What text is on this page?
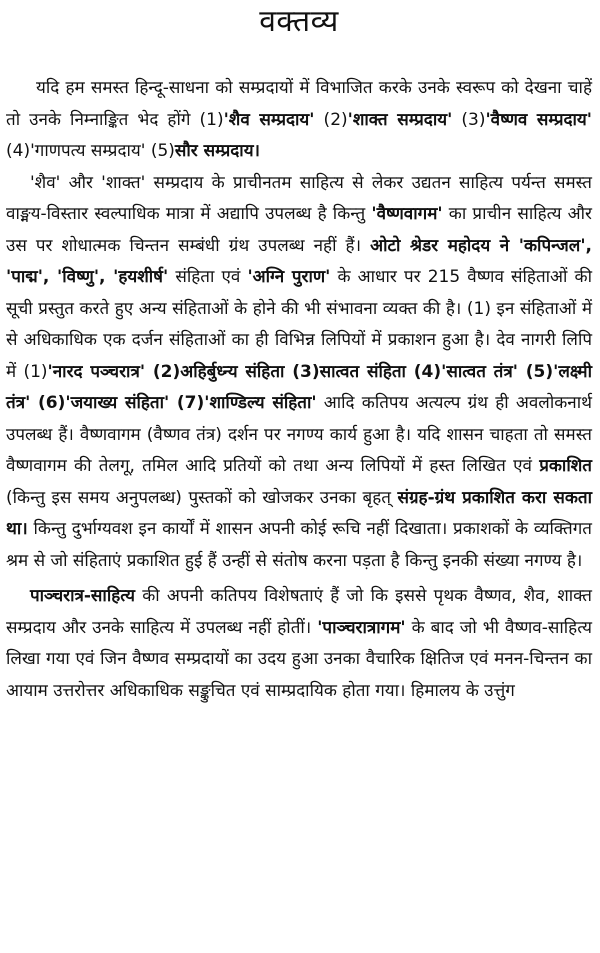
वक्तव्य

यदि हम समस्त हिन्दू-साधना को सम्प्रदायों में विभाजित करके उनके स्वरूप को देखना चाहें तो उनके निम्नाङ्कित भेद होंगे (1)'शैव सम्प्रदाय' (2)'शाक्त सम्प्रदाय' (3)'वैष्णव सम्प्रदाय' (4)'गाणपत्य सम्प्रदाय' (5)सौर सम्प्रदाय।

'शैव' और 'शाक्त' सम्प्रदाय के प्राचीनतम साहित्य से लेकर उद्यतन साहित्य पर्यन्त समस्त वाङ्मय-विस्तार स्वल्पाधिक मात्रा में अद्यापि उपलब्ध है किन्तु 'वैष्णवागम' का प्राचीन साहित्य और उस पर शोधात्मक चिन्तन सम्बंधी ग्रंथ उपलब्ध नहीं हैं। ओटो श्रेडर महोदय ने 'कपिन्जल', 'पाद्म', 'विष्णु', 'हयशीर्ष' संहिता एवं 'अग्नि पुराण' के आधार पर 215 वैष्णव संहिताओं की सूची प्रस्तुत करते हुए अन्य संहिताओं के होने की भी संभावना व्यक्त की है। (1) इन संहिताओं में से अधिकाधिक एक दर्जन संहिताओं का ही विभिन्न लिपियों में प्रकाशन हुआ है। देव नागरी लिपि में (1)'नारद पञ्चरात्र' (2)अहिर्बुध्न्य संहिता (3)सात्वत संहिता (4)'सात्वत तंत्र' (5)'लक्ष्मी तंत्र' (6)'जयाख्य संहिता' (7)'शाण्डिल्य संहिता' आदि कतिपय अत्यल्प ग्रंथ ही अवलोकनार्थ उपलब्ध हैं। वैष्णवागम (वैष्णव तंत्र) दर्शन पर नगण्य कार्य हुआ है। यदि शासन चाहता तो समस्त वैष्णवागम की तेलगू, तमिल आदि प्रतियों को तथा अन्य लिपियों में हस्त लिखित एवं प्रकाशित (किन्तु इस समय अनुपलब्ध) पुस्तकों को खोजकर उनका बृहत् संग्रह-ग्रंथ प्रकाशित करा सकता था। किन्तु दुर्भाग्यवश इन कार्यों में शासन अपनी कोई रूचि नहीं दिखाता। प्रकाशकों के व्यक्तिगत श्रम से जो संहिताएं प्रकाशित हुई हैं उन्हीं से संतोष करना पड़ता है किन्तु इनकी संख्या नगण्य है।

पाञ्चरात्र-साहित्य की अपनी कतिपय विशेषताएं हैं जो कि इससे पृथक वैष्णव, शैव, शाक्त सम्प्रदाय और उनके साहित्य में उपलब्ध नहीं होतीं। 'पाञ्चरात्रागम' के बाद जो भी वैष्णव-साहित्य लिखा गया एवं जिन वैष्णव सम्प्रदायों का उदय हुआ उनका वैचारिक क्षितिज एवं मनन-चिन्तन का आयाम उत्तरोत्तर अधिकाधिक सङ्कुचित एवं साम्प्रदायिक होता गया। हिमालय के उत्तुंग
